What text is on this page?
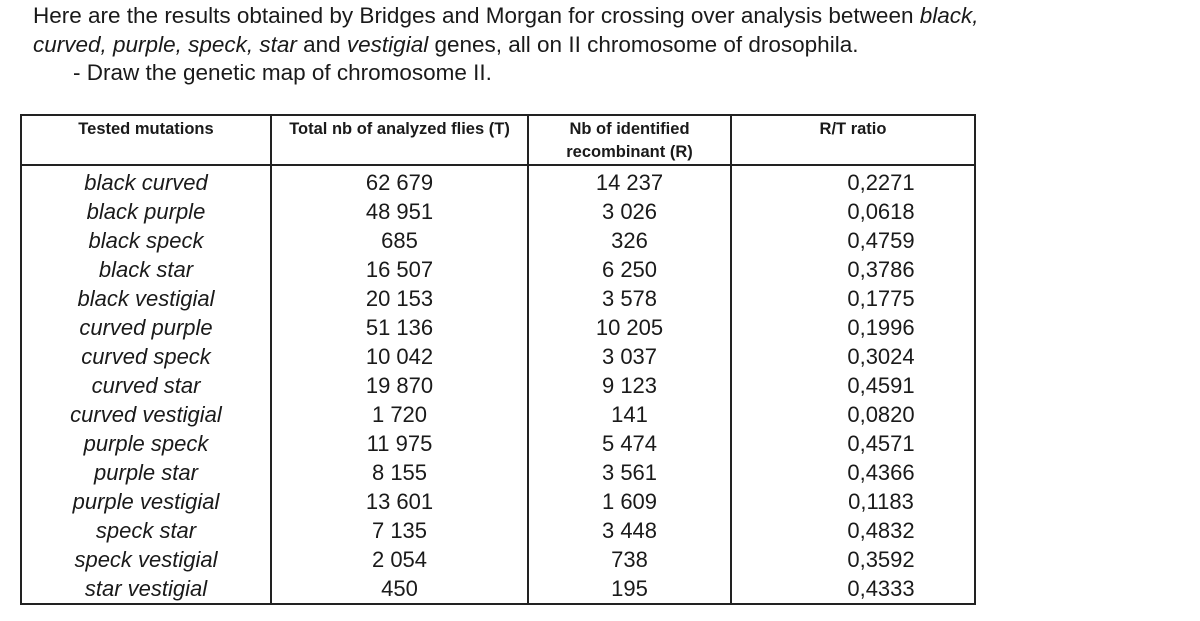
Here are the results obtained by Bridges and Morgan for crossing over analysis between black,

curved, purple, speck, star and vestigial genes, all on II chromosome of drosophila.

- Draw the genetic map of chromosome II.

Tested mutations	Total nb of analyzed flies (T)	Nb of identified recombinant (R)	R/T ratio
black curved	62 679	14 237	0,2271
black purple	48 951	3 026	0,0618
black speck	685	326	0,4759
black star	16 507	6 250	0,3786
black vestigial	20 153	3 578	0,1775
curved purple	51 136	10 205	0,1996
curved speck	10 042	3 037	0,3024
curved star	19 870	9 123	0,4591
curved vestigial	1 720	141	0,0820
purple speck	11 975	5 474	0,4571
purple star	8 155	3 561	0,4366
purple vestigial	13 601	1 609	0,1183
speck star	7 135	3 448	0,4832
speck vestigial	2 054	738	0,3592
star vestigial	450	195	0,4333
